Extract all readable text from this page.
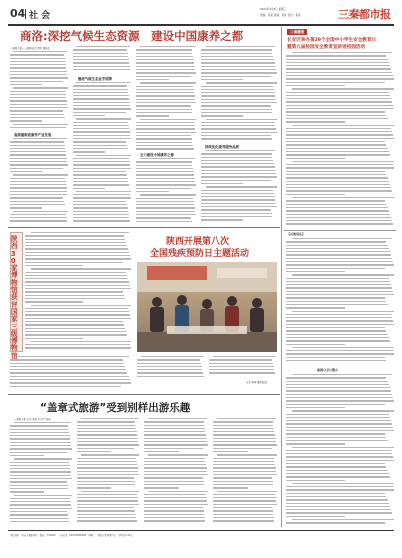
04 社 会
2024年3月6日 星期三
责编：某某 美编：某某 校对：某某	三秦都市报
商洛:深挖气候生态资源　建设中国康养之都
三秦都市报—三秦网记者 程彤 通讯员
高质量推进康养产业发展
擦亮气候生态金字招牌
全力建设中国康养之都
持续优化康养服务品质
陕西30家博物馆获评国家三级博物馆
陕西开展第八次
全国残疾预防日主题活动
记者 某某 摄影报道
“盖章式旅游”受到别样出游乐趣
三秦都市报 记者 某某 实习生 某某
三秦播报
长安区举办第29个全国中小学生安全教育日
暨第九届校园安全教育宣讲进校园活动
【以案说法】
案例分享与警示
本报地址：西安市某路某号　邮编：710000　广告热线：029-00000000　印刷：三秦都市报印务中心　零售价1.50元
